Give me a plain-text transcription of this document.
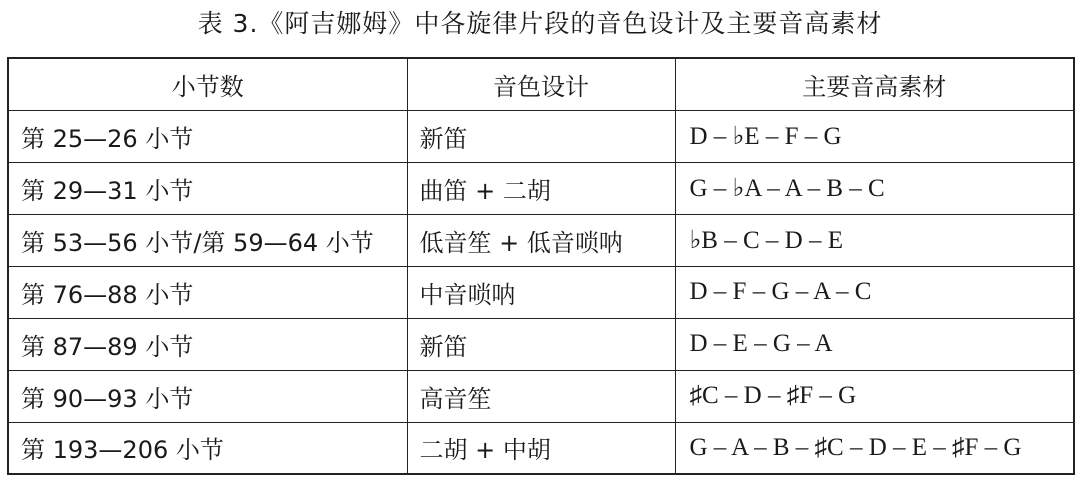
表 3.《阿吉娜姆》中各旋律片段的音色设计及主要音高素材
小节数	音色设计	主要音高素材
第 25—26 小节	新笛	D – ♭E – F – G
第 29—31 小节	曲笛 + 二胡	G – ♭A – A – B – C
第 53—56 小节/第 59—64 小节	低音笙 + 低音唢呐	♭B – C – D – E
第 76—88 小节	中音唢呐	D – F – G – A – C
第 87—89 小节	新笛	D – E – G – A
第 90—93 小节	高音笙	♯C – D – ♯F – G
第 193—206 小节	二胡 + 中胡	G – A – B – ♯C – D – E – ♯F – G
